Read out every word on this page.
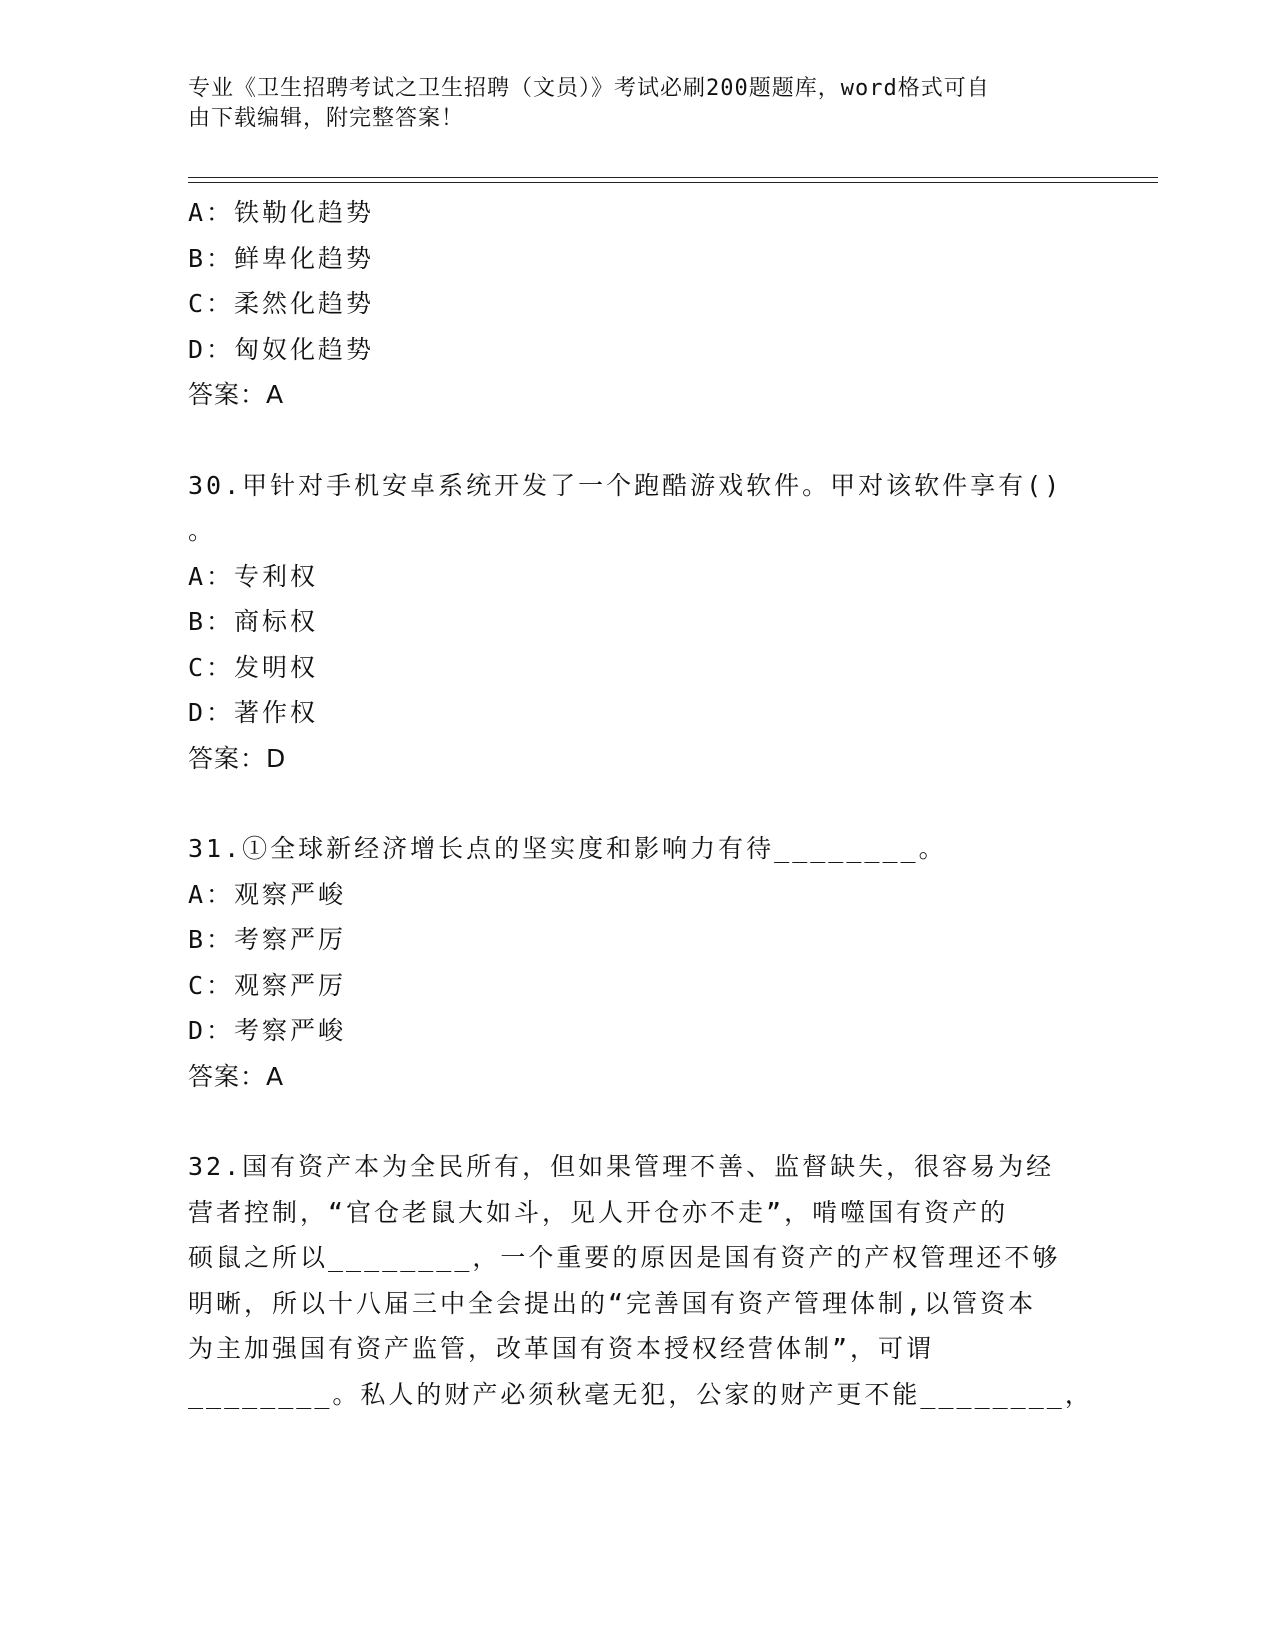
专业《卫生招聘考试之卫生招聘（文员）》考试必刷200题题库，word格式可自
由下载编辑，附完整答案！
A：铁勒化趋势
B：鲜卑化趋势
C：柔然化趋势
D：匈奴化趋势
答案：A
30.甲针对手机安卓系统开发了一个跑酷游戏软件。甲对该软件享有()
。
A：专利权
B：商标权
C：发明权
D：著作权
答案：D
31.①全球新经济增长点的坚实度和影响力有待________。
A：观察严峻
B：考察严厉
C：观察严厉
D：考察严峻
答案：A
32.国有资产本为全民所有，但如果管理不善、监督缺失，很容易为经
营者控制，“官仓老鼠大如斗，见人开仓亦不走”，啃噬国有资产的
硕鼠之所以________，一个重要的原因是国有资产的产权管理还不够
明晰，所以十八届三中全会提出的“完善国有资产管理体制,以管资本
为主加强国有资产监管，改革国有资本授权经营体制”，可谓
________。私人的财产必须秋毫无犯，公家的财产更不能________，
